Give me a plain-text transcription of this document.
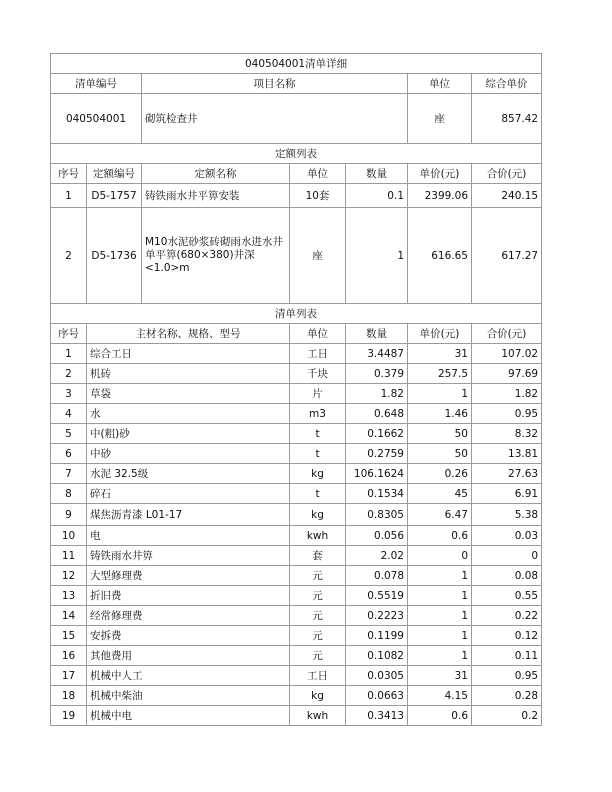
040504001清单详细						
清单编号		项目名称			单位	综合单价
040504001		砌筑检查井			座	857.42
定额列表						
序号	定额编号	定额名称	单位	数量	单价(元)	合价(元)
1	D5-1757	铸铁雨水井平箅安装	10套	0.1	2399.06	240.15
2	D5-1736	M10水泥砂浆砖砌雨水进水井单平箅(680×380)井深<1.0>m	座	1	616.65	617.27
清单列表						
序号	主材名称、规格、型号		单位	数量	单价(元)	合价(元)
1	综合工日		工日	3.4487	31	107.02
2	机砖		千块	0.379	257.5	97.69
3	草袋		片	1.82	1	1.82
4	水		m3	0.648	1.46	0.95
5	中(粗)砂		t	0.1662	50	8.32
6	中砂		t	0.2759	50	13.81
7	水泥 32.5级		kg	106.1624	0.26	27.63
8	碎石		t	0.1534	45	6.91
9	煤焦沥青漆 L01-17		kg	0.8305	6.47	5.38
10	电		kwh	0.056	0.6	0.03
11	铸铁雨水井箅		套	2.02	0	0
12	大型修理费		元	0.078	1	0.08
13	折旧费		元	0.5519	1	0.55
14	经常修理费		元	0.2223	1	0.22
15	安拆费		元	0.1199	1	0.12
16	其他费用		元	0.1082	1	0.11
17	机械中人工		工日	0.0305	31	0.95
18	机械中柴油		kg	0.0663	4.15	0.28
19	机械中电		kwh	0.3413	0.6	0.2
